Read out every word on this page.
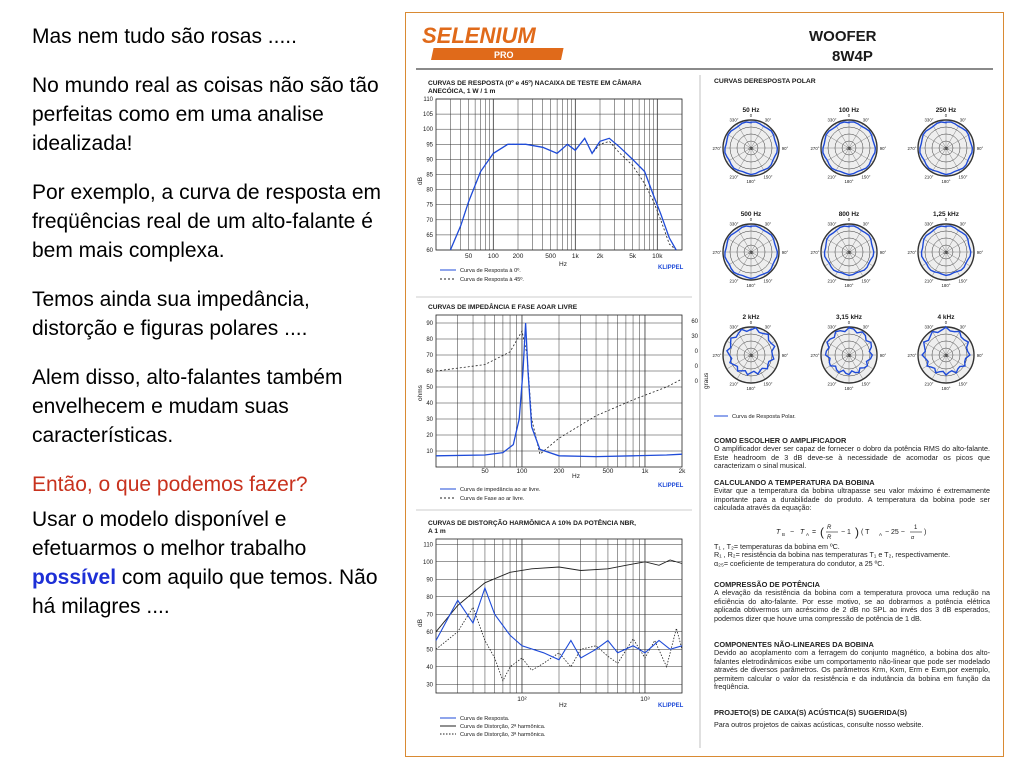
Mas nem tudo são rosas .....

No mundo real as coisas não são tão perfeitas como em uma analise idealizada!

Por exemplo, a curva de resposta em freqüências real de um alto-falante é bem mais complexa.

Temos ainda sua impedância, distorção e figuras polares ....

Alem disso, alto-falantes também envelhecem e mudam suas características.

Então, o que podemos fazer?

Usar o modelo disponível e efetuarmos o melhor trabalho possível com aquilo que temos. Não há milagres ....

SELENIUM
PRO
WOOFER
8W4P
CURVAS DE RESPOSTA (0º e 45º) NACAIXA DE TESTE EM CÂMARA
ANECÓICA, 1 W / 1 m
60
65
70
75
80
85
90
95
100
105
110
50 100 200	500 1k	2k	5k 10k
dB
Hz
Curva de Resposta à 0º.
Curva de Resposta à 45º.
KLIPPEL
CURVAS DE IMPEDÂNCIA E FASE AOAR LIVRE
10
20
30
40
50
60
70
80
90	60
30
0
0
0
50	100	200	500	1k	2k
ohms
graus
Hz
Curva de impedância ao ar livre.
Curva de Fase ao ar livre.
KLIPPEL
CURVAS DE DISTORÇÃO HARMÔNICA A 10% DA POTÊNCIA NBR,
A 1 m
30
40
50
60
70
80
90
100
110
10²	10³
dB
Hz
Curva de Resposta.
Curva de Distorção, 2ª harmônica.
Curva de Distorção, 3ª harmônica.
KLIPPEL
CURVAS DERESPOSTA POLAR
50 Hz
0
30°
90°
150°
180°
210°
270°
330°
dB
100 Hz
0
30°
90°
150°
180°
210°
270°
330°
dB
250 Hz
0
30°
90°
150°
180°
210°
270°
330°
dB
500 Hz
0
30°
90°
150°
180°
210°
270°
330°
dB
800 Hz
0
30°
90°
150°
180°
210°
270°
330°
dB
1,25 kHz
0
30°
90°
150°
180°
210°
270°
330°
dB
2 kHz
0
30°
90°
150°
180°
210°
270°
330°
dB
3,15 kHz
0
30°
90°
150°
180°
210°
270°
330°
dB
4 kHz
0
30°
90°
150°
180°
210°
270°
330°
dB
Curva de Resposta Polar.
T B − T A = ( R
R
− 1 ) ( T A − 25 −
1
α
)
COMO ESCOLHER O AMPLIFICADOR
O amplificador dever ser capaz de fornecer o dobro da potência RMS do alto-falante. Este headroom de 3 dB deve-se à necessidade de acomodar os picos que caracterizam o sinal musical.
CALCULANDO A TEMPERATURA DA BOBINA
Evitar que a temperatura da bobina ultrapasse seu valor máximo é extremamente importante para a durabilidade do produto. A temperatura da bobina pode ser calculada através da equação:
T₁ , T₂= temperaturas da bobina em ºC.
R₁ , R₂= resistência da bobina nas temperaturas T₁ e T₂, respectivamente.
α₂₅= coeficiente de temperatura do condutor, a 25 ºC.
COMPRESSÃO DE POTÊNCIA
A elevação da resistência da bobina com a temperatura provoca uma redução na eficiência do alto-falante. Por esse motivo, se ao dobrarmos a potência elétrica aplicada obtivermos um acréscimo de 2 dB no SPL ao invés dos 3 dB esperados, podemos dizer que houve uma compressão de potência de 1 dB.
COMPONENTES NÃO-LINEARES DA BOBINA
Devido ao acoplamento com a ferragem do conjunto magnético, a bobina dos alto-falantes eletrodinâmicos exibe um comportamento não-linear que pode ser modelado através de diversos parâmetros. Os parâmetros Krm, Kxm, Erm e Exm,por exemplo, permitem calcular o valor da resistência e da indutância da bobina em função da freqüência.
PROJETO(S) DE CAIXA(S) ACÚSTICA(S) SUGERIDA(S)
Para outros projetos de caixas acústicas, consulte nosso website.
